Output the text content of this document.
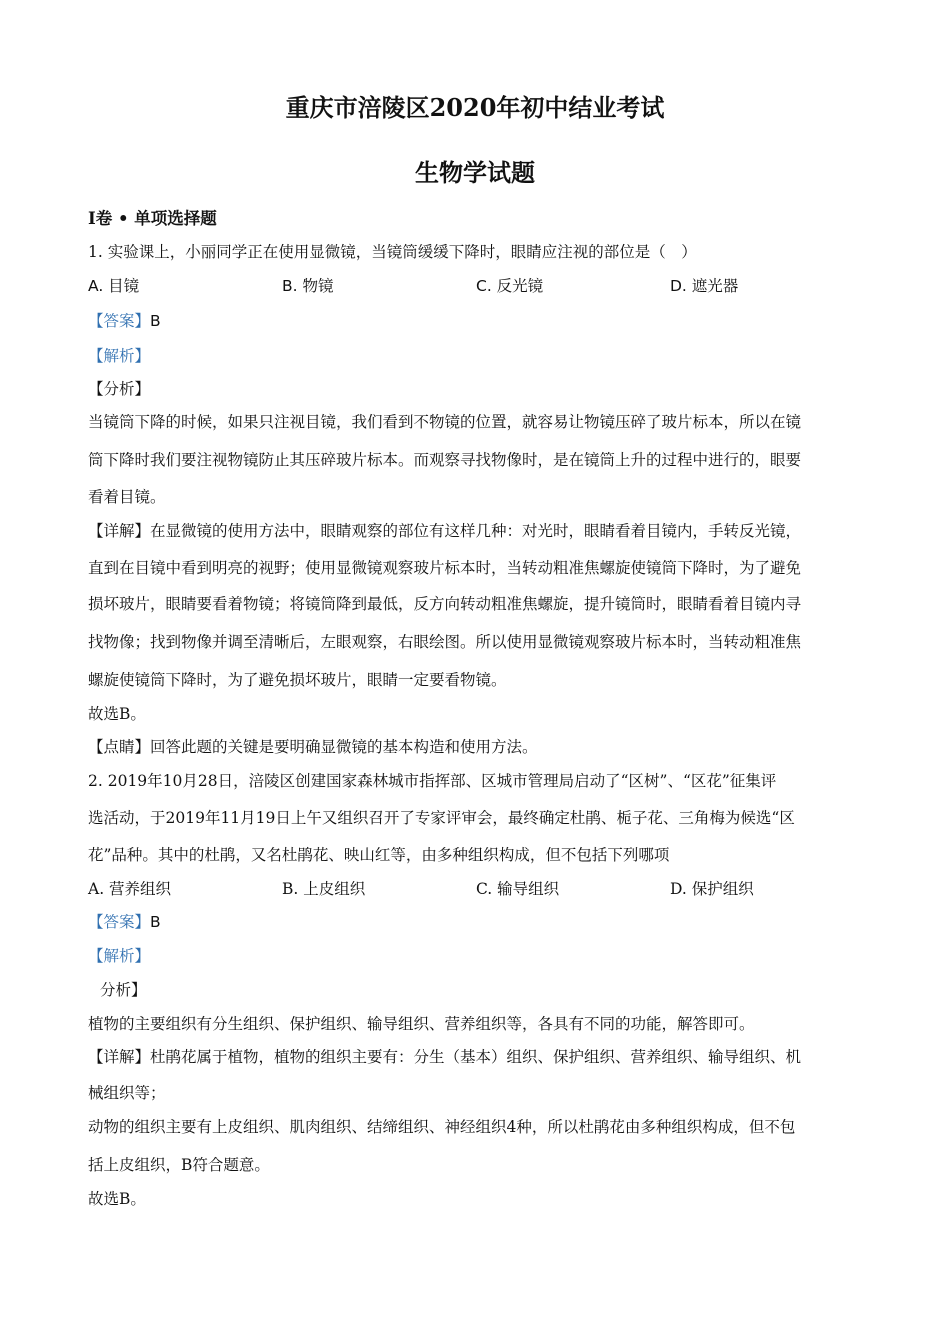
重庆市涪陵区2020年初中结业考试
生物学试题
Ⅰ卷 • 单项选择题
1. 实验课上，小丽同学正在使用显微镜，当镜筒缓缓下降时，眼睛应注视的部位是（　）
A. 目镜	B. 物镜	C. 反光镜	D. 遮光器
【答案】B
【解析】
【分析】
当镜筒下降的时候，如果只注视目镜，我们看到不物镜的位置，就容易让物镜压碎了玻片标本，所以在镜
筒下降时我们要注视物镜防止其压碎玻片标本。而观察寻找物像时，是在镜筒上升的过程中进行的，眼要
看着目镜。
【详解】在显微镜的使用方法中，眼睛观察的部位有这样几种：对光时，眼睛看着目镜内，手转反光镜，
直到在目镜中看到明亮的视野；使用显微镜观察玻片标本时，当转动粗准焦螺旋使镜筒下降时，为了避免
损坏玻片，眼睛要看着物镜；将镜筒降到最低，反方向转动粗准焦螺旋，提升镜筒时，眼睛看着目镜内寻
找物像；找到物像并调至清晰后，左眼观察，右眼绘图。所以使用显微镜观察玻片标本时，当转动粗准焦
螺旋使镜筒下降时，为了避免损坏玻片，眼睛一定要看物镜。
故选B。
【点睛】回答此题的关键是要明确显微镜的基本构造和使用方法。
2. 2019年10月28日，涪陵区创建国家森林城市指挥部、区城市管理局启动了“区树”、“区花”征集评
选活动，于2019年11月19日上午又组织召开了专家评审会，最终确定杜鹃、栀子花、三角梅为候选“区
花”品种。其中的杜鹃，又名杜鹃花、映山红等，由多种组织构成，但不包括下列哪项
A. 营养组织	B. 上皮组织	C. 输导组织	D. 保护组织
【答案】B
【解析】
分析】
植物的主要组织有分生组织、保护组织、输导组织、营养组织等，各具有不同的功能，解答即可。
【详解】杜鹃花属于植物，植物的组织主要有：分生（基本）组织、保护组织、营养组织、输导组织、机
械组织等；
动物的组织主要有上皮组织、肌肉组织、结缔组织、神经组织4种，所以杜鹃花由多种组织构成，但不包
括上皮组织，B符合题意。
故选B。
